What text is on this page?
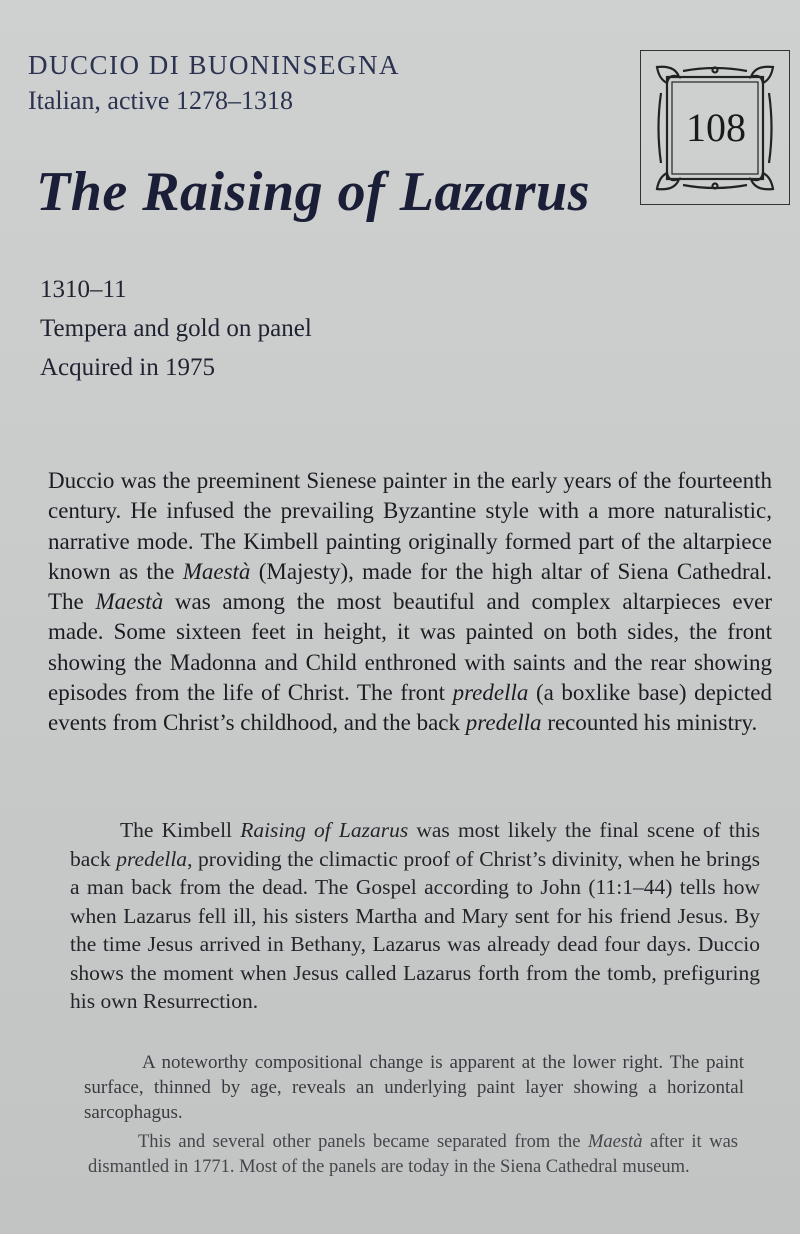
DUCCIO DI BUONINSEGNA
Italian, active 1278–1318
The Raising of Lazarus
108
1310–11
Tempera and gold on panel
Acquired in 1975
Duccio was the preeminent Sienese painter in the early years of the fourteenth century. He infused the prevailing Byzantine style with a more naturalistic, narrative mode. The Kimbell painting originally formed part of the altarpiece known as the Maestà (Majesty), made for the high altar of Siena Cathedral. The Maestà was among the most beautiful and complex altarpieces ever made. Some sixteen feet in height, it was painted on both sides, the front showing the Madonna and Child enthroned with saints and the rear showing episodes from the life of Christ. The front predella (a boxlike base) depicted events from Christ’s childhood, and the back predella recounted his ministry.
The Kimbell Raising of Lazarus was most likely the final scene of this back predella, providing the climactic proof of Christ’s divinity, when he brings a man back from the dead. The Gospel according to John (11:1–44) tells how when Lazarus fell ill, his sisters Martha and Mary sent for his friend Jesus. By the time Jesus arrived in Bethany, Lazarus was already dead four days. Duccio shows the moment when Jesus called Lazarus forth from the tomb, prefiguring his own Resurrection.
A noteworthy compositional change is apparent at the lower right. The paint surface, thinned by age, reveals an underlying paint layer showing a horizontal sarcophagus.
This and several other panels became separated from the Maestà after it was dismantled in 1771. Most of the panels are today in the Siena Cathedral museum.
